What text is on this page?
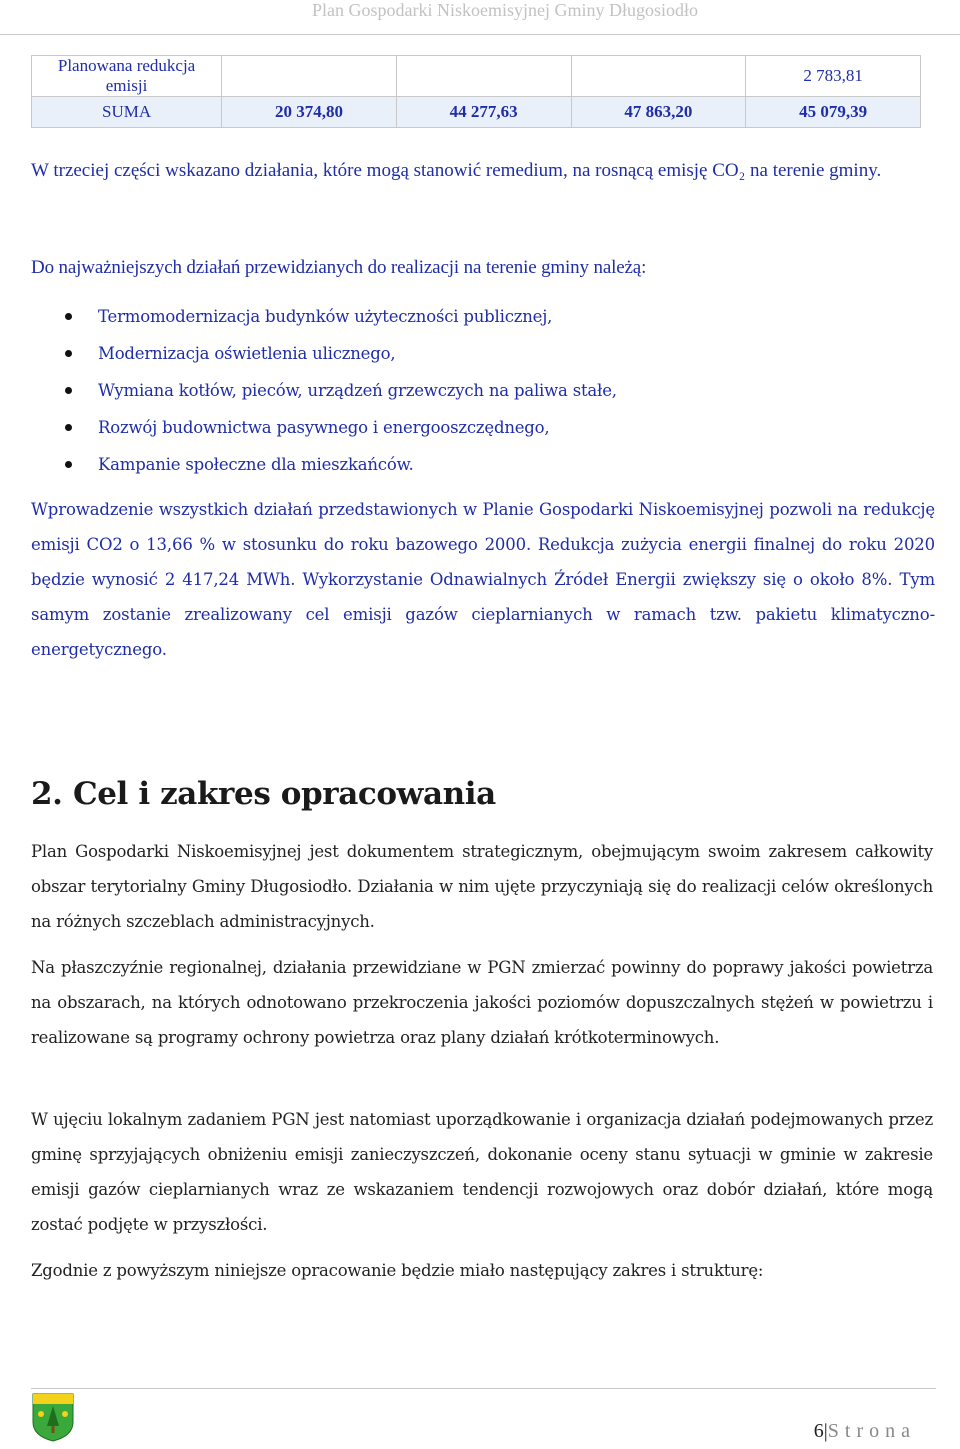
Plan Gospodarki Niskoemisyjnej Gminy Długosiodło
Planowana redukcja emisji				2 783,81
SUMA	20 374,80	44 277,63	47 863,20	45 079,39

W trzeciej części wskazano działania, które mogą stanowić remedium, na rosnącą emisję CO₂ na terenie gminy.

Do najważniejszych działań przewidzianych do realizacji na terenie gminy należą:

Termomodernizacja budynków użyteczności publicznej,
Modernizacja oświetlenia ulicznego,
Wymiana kotłów, pieców, urządzeń grzewczych na paliwa stałe,
Rozwój budownictwa pasywnego i energooszczędnego,
Kampanie społeczne dla mieszkańców.

Wprowadzenie wszystkich działań przedstawionych w Planie Gospodarki Niskoemisyjnej pozwoli na redukcję emisji CO2 o 13,66 % w stosunku do roku bazowego 2000. Redukcja zużycia energii finalnej do roku 2020 będzie wynosić 2 417,24 MWh. Wykorzystanie Odnawialnych Źródeł Energii zwiększy się o około 8%. Tym samym zostanie zrealizowany cel emisji gazów cieplarnianych w ramach tzw. pakietu klimatyczno-energetycznego.

2. Cel i zakres opracowania

Plan Gospodarki Niskoemisyjnej jest dokumentem strategicznym, obejmującym swoim zakresem całkowity obszar terytorialny Gminy Długosiodło. Działania w nim ujęte przyczyniają się do realizacji celów określonych na różnych szczeblach administracyjnych.

Na płaszczyźnie regionalnej, działania przewidziane w PGN zmierzać powinny do poprawy jakości powietrza na obszarach, na których odnotowano przekroczenia jakości poziomów dopuszczalnych stężeń w powietrzu i realizowane są programy ochrony powietrza oraz plany działań krótkoterminowych.

W ujęciu lokalnym zadaniem PGN jest natomiast uporządkowanie i organizacja działań podejmowanych przez gminę sprzyjających obniżeniu emisji zanieczyszczeń, dokonanie oceny stanu sytuacji w gminie w zakresie emisji gazów cieplarnianych wraz ze wskazaniem tendencji rozwojowych oraz dobór działań, które mogą zostać podjęte w przyszłości.

Zgodnie z powyższym niniejsze opracowanie będzie miało następujący zakres i strukturę:

6|Strona
